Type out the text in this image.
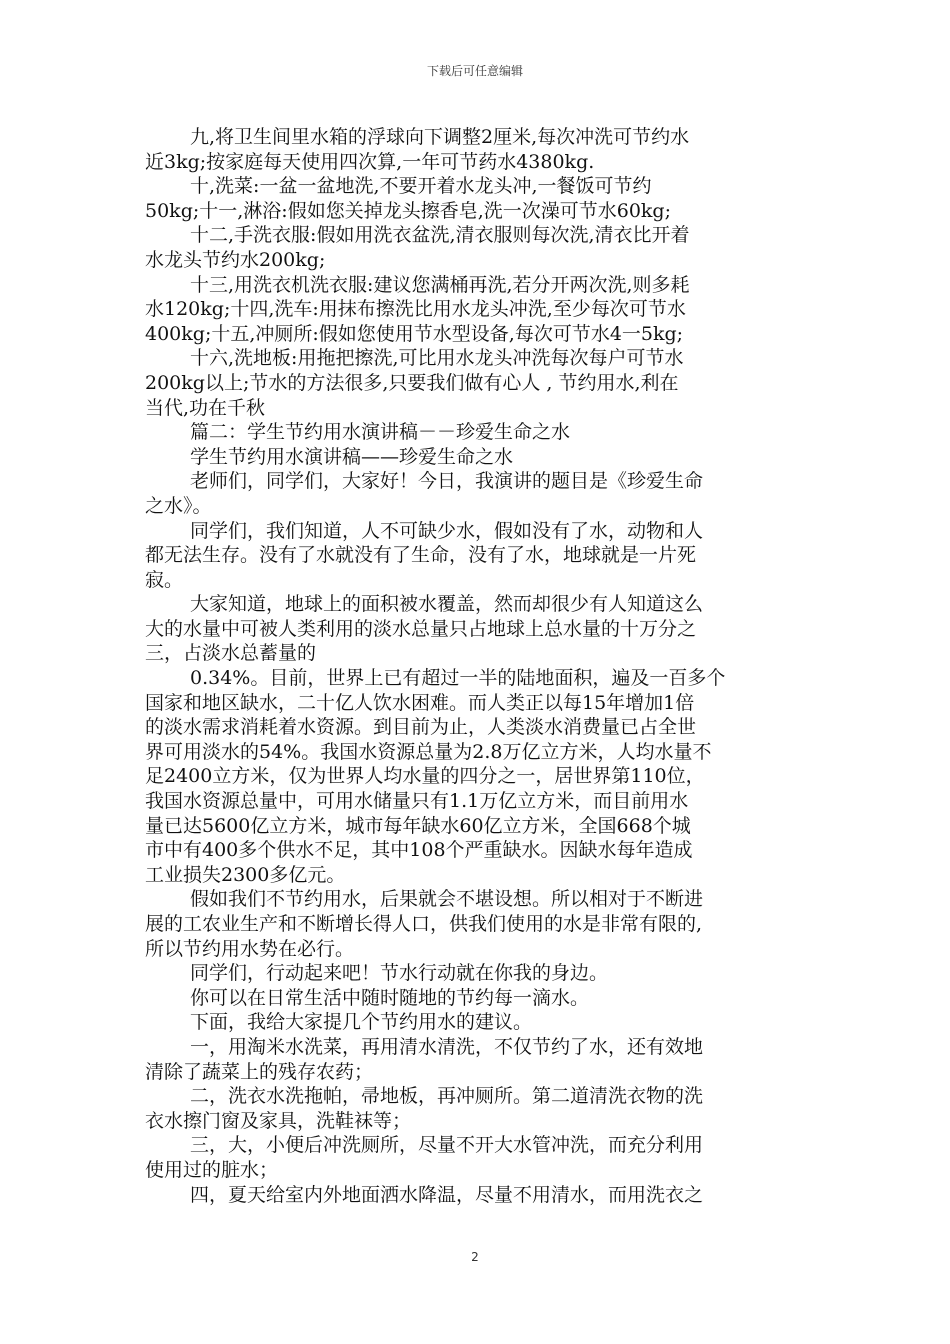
下载后可任意编辑
九,将卫生间里水箱的浮球向下调整2厘米,每次冲洗可节约水
近3kg;按家庭每天使用四次算,一年可节药水4380kg.
十,洗菜:一盆一盆地洗,不要开着水龙头冲,一餐饭可节约
50kg;十一,淋浴:假如您关掉龙头擦香皂,洗一次澡可节水60kg;
十二,手洗衣服:假如用洗衣盆洗,清衣服则每次洗,清衣比开着
水龙头节约水200kg;
十三,用洗衣机洗衣服:建议您满桶再洗,若分开两次洗,则多耗
水120kg;十四,洗车:用抹布擦洗比用水龙头冲洗,至少每次可节水
400kg;十五,冲厕所:假如您使用节水型设备,每次可节水4一5kg;
十六,洗地板:用拖把擦洗,可比用水龙头冲洗每次每户可节水
200kg以上;节水的方法很多,只要我们做有心人 , 节约用水,利在
当代,功在千秋
篇二：学生节约用水演讲稿－－珍爱生命之水
学生节约用水演讲稿——珍爱生命之水
老师们，同学们，大家好！今日，我演讲的题目是《珍爱生命
之水》。
同学们，我们知道，人不可缺少水，假如没有了水，动物和人
都无法生存。没有了水就没有了生命，没有了水，地球就是一片死
寂。
大家知道，地球上的面积被水覆盖，然而却很少有人知道这么
大的水量中可被人类利用的淡水总量只占地球上总水量的十万分之
三，占淡水总蓄量的
0.34%。目前，世界上已有超过一半的陆地面积，遍及一百多个
国家和地区缺水，二十亿人饮水困难。而人类正以每15年增加1倍
的淡水需求消耗着水资源。到目前为止，人类淡水消费量已占全世
界可用淡水的54%。我国水资源总量为2.8万亿立方米，人均水量不
足2400立方米，仅为世界人均水量的四分之一，居世界第110位，
我国水资源总量中，可用水储量只有1.1万亿立方米，而目前用水
量已达5600亿立方米，城市每年缺水60亿立方米，全国668个城
市中有400多个供水不足，其中108个严重缺水。因缺水每年造成
工业损失2300多亿元。
假如我们不节约用水，后果就会不堪设想。所以相对于不断进
展的工农业生产和不断增长得人口，供我们使用的水是非常有限的,
所以节约用水势在必行。
同学们，行动起来吧！节水行动就在你我的身边。
你可以在日常生活中随时随地的节约每一滴水。
下面，我给大家提几个节约用水的建议。
一，用淘米水洗菜，再用清水清洗，不仅节约了水，还有效地
清除了蔬菜上的残存农药；
二，洗衣水洗拖帕，帚地板，再冲厕所。第二道清洗衣物的洗
衣水擦门窗及家具，洗鞋袜等；
三，大，小便后冲洗厕所，尽量不开大水管冲洗，而充分利用
使用过的脏水；
四，夏天给室内外地面洒水降温，尽量不用清水，而用洗衣之
2
